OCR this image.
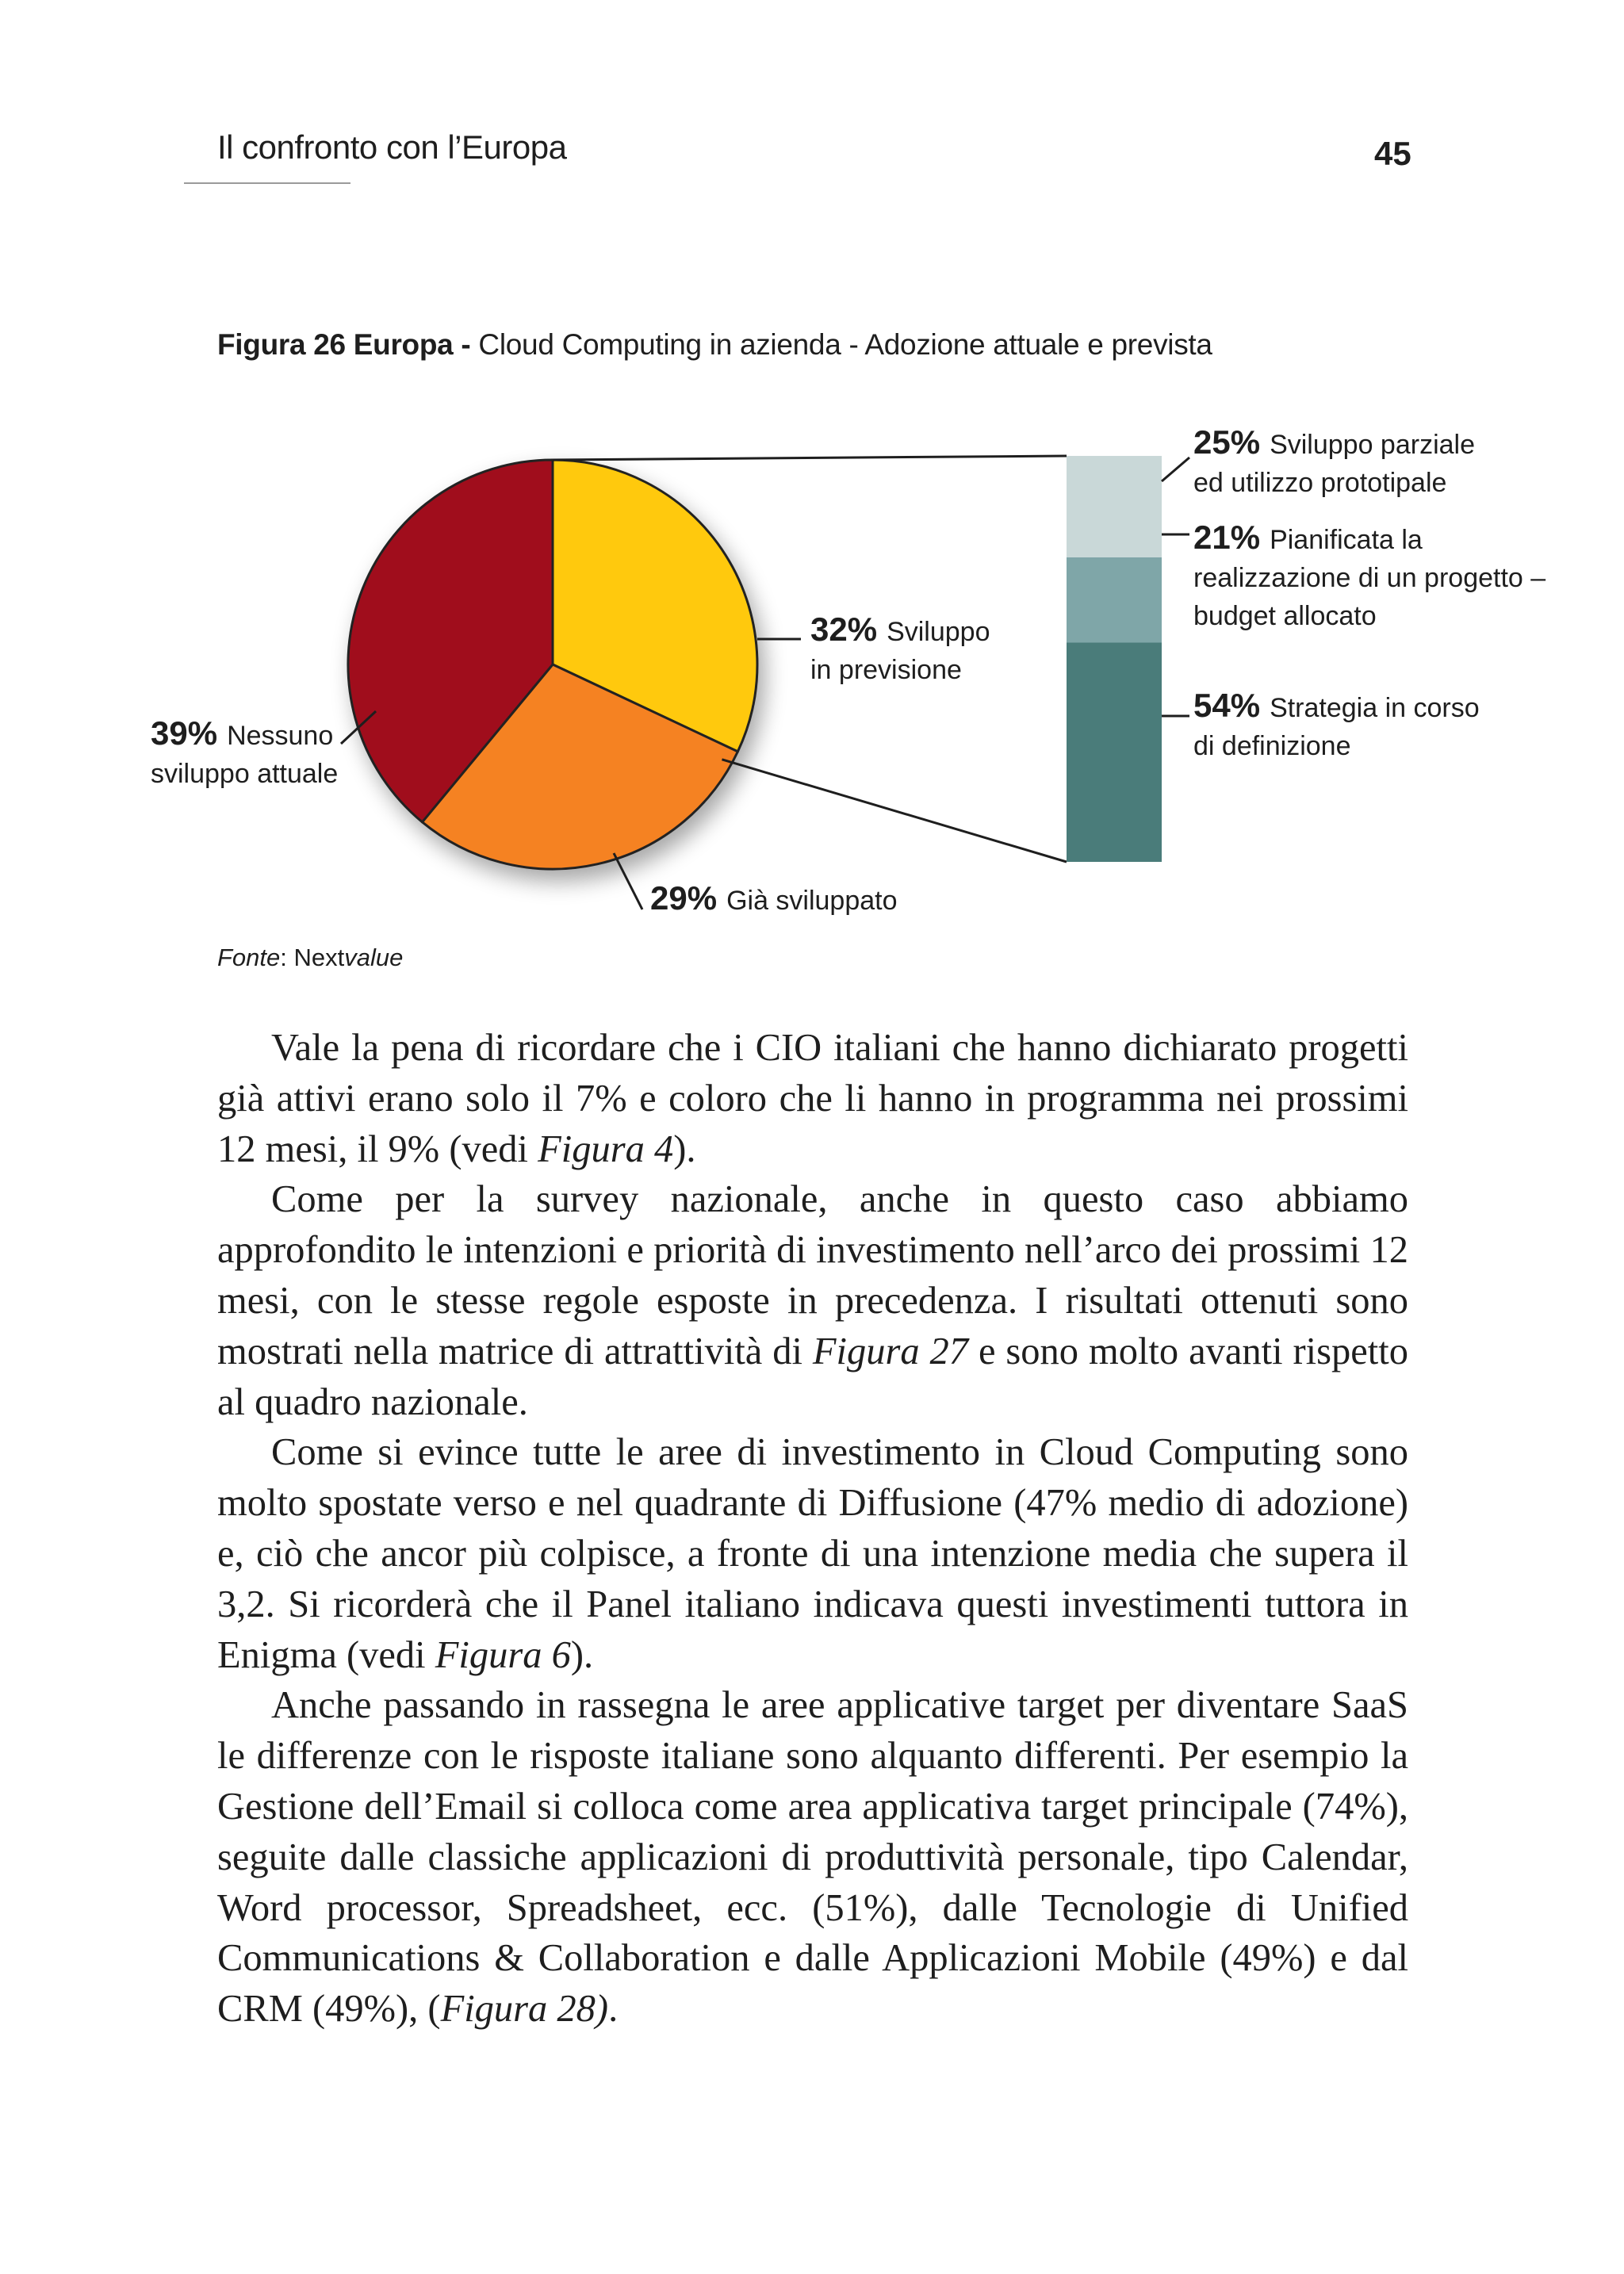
Il confronto con l’Europa	45
Figura 26 Europa - Cloud Computing in azienda - Adozione attuale e prevista
32% Sviluppo in previsione
29% Già sviluppato
39% Nessuno sviluppo attuale
25% Sviluppo parziale ed utilizzo prototipale
21% Pianificata la realizzazione di un progetto – budget allocato
54% Strategia in corso di definizione
Fonte: Nextvalue

Vale la pena di ricordare che i CIO italiani che hanno dichiarato progetti già attivi erano solo il 7% e coloro che li hanno in programma nei prossimi 12 mesi, il 9% (vedi Figura 4).

Come per la survey nazionale, anche in questo caso abbiamo approfondito le intenzioni e priorità di investimento nell’arco dei prossimi 12 mesi, con le stesse regole esposte in precedenza. I risultati ottenuti sono mostrati nella matrice di attrattività di Figura 27 e sono molto avanti rispetto al quadro nazionale.

Come si evince tutte le aree di investimento in Cloud Computing sono molto spostate verso e nel quadrante di Diffusione (47% medio di adozione) e, ciò che ancor più colpisce, a fronte di una intenzione media che supera il 3,2. Si ricorderà che il Panel italiano indicava questi investimenti tuttora in Enigma (vedi Figura 6).

Anche passando in rassegna le aree applicative target per diventare SaaS le differenze con le risposte italiane sono alquanto differenti. Per esempio la Gestione dell’Email si colloca come area applicativa target principale (74%), seguite dalle classiche applicazioni di produttività personale, tipo Calendar, Word processor, Spreadsheet, ecc. (51%), dalle Tecnologie di Unified Communications & Collaboration e dalle Applicazioni Mobile (49%) e dal CRM (49%), (Figura 28).
